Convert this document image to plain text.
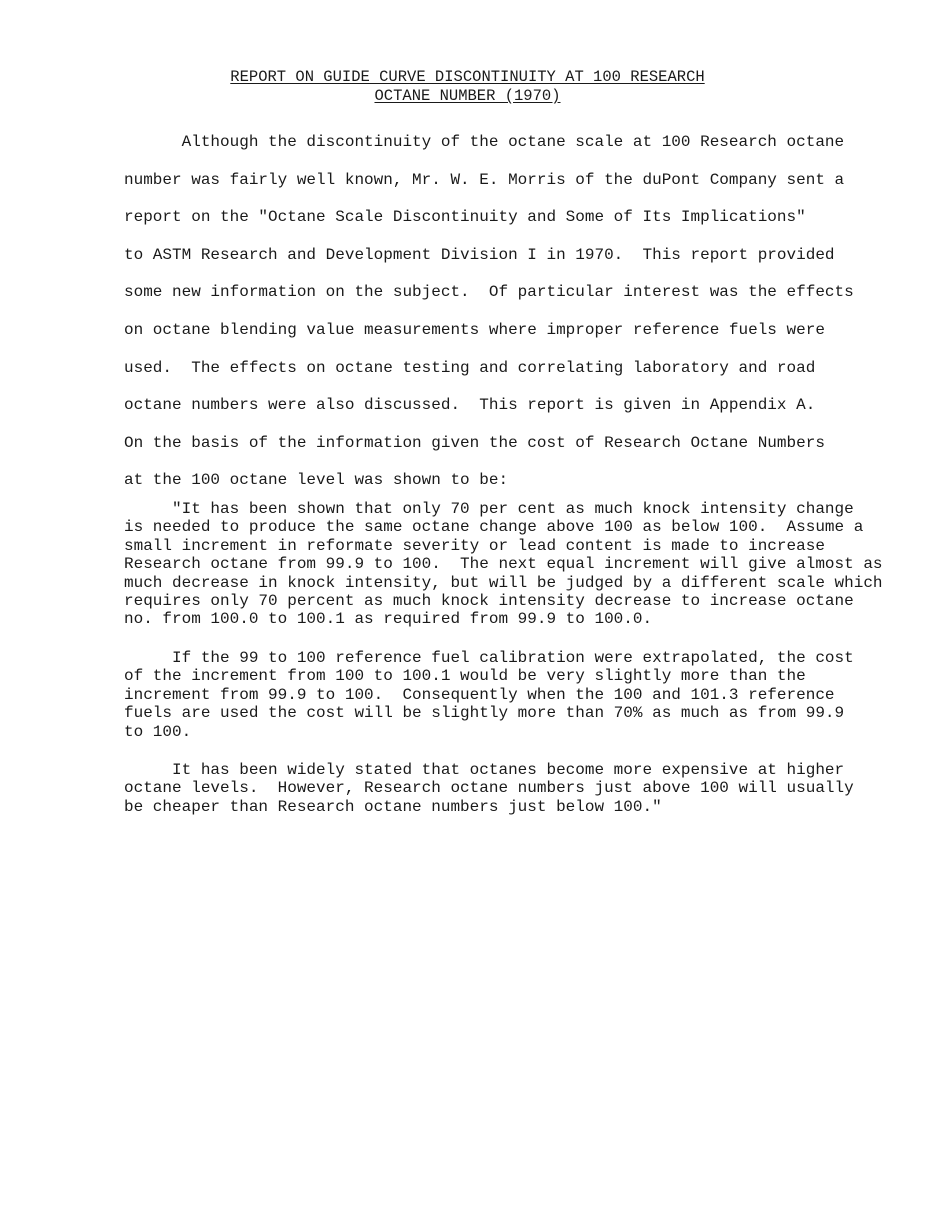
REPORT ON GUIDE CURVE DISCONTINUITY AT 100 RESEARCH
OCTANE NUMBER (1970)
Although the discontinuity of the octane scale at 100 Research octane
number was fairly well known, Mr. W. E. Morris of the duPont Company sent a
report on the "Octane Scale Discontinuity and Some of Its Implications"
to ASTM Research and Development Division I in 1970.  This report provided
some new information on the subject.  Of particular interest was the effects
on octane blending value measurements where improper reference fuels were
used.  The effects on octane testing and correlating laboratory and road
octane numbers were also discussed.  This report is given in Appendix A.
On the basis of the information given the cost of Research Octane Numbers
at the 100 octane level was shown to be:
"It has been shown that only 70 per cent as much knock intensity change
is needed to produce the same octane change above 100 as below 100.  Assume a
small increment in reformate severity or lead content is made to increase
Research octane from 99.9 to 100.  The next equal increment will give almost as
much decrease in knock intensity, but will be judged by a different scale which
requires only 70 percent as much knock intensity decrease to increase octane
no. from 100.0 to 100.1 as required from 99.9 to 100.0.
If the 99 to 100 reference fuel calibration were extrapolated, the cost
of the increment from 100 to 100.1 would be very slightly more than the
increment from 99.9 to 100.  Consequently when the 100 and 101.3 reference
fuels are used the cost will be slightly more than 70% as much as from 99.9
to 100.
It has been widely stated that octanes become more expensive at higher
octane levels.  However, Research octane numbers just above 100 will usually
be cheaper than Research octane numbers just below 100."
